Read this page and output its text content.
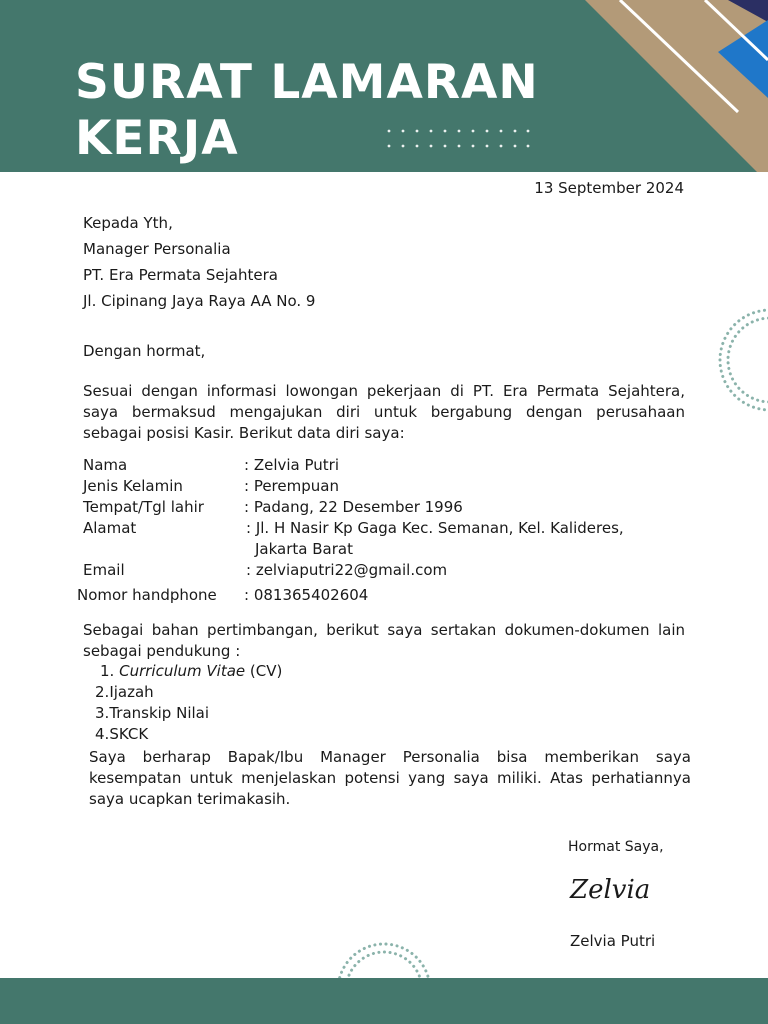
SURAT LAMARAN
KERJA
13 September 2024
Kepada Yth,
Manager Personalia
PT. Era Permata Sejahtera
Jl. Cipinang Jaya Raya AA No. 9
Dengan hormat,
Sesuai dengan informasi lowongan pekerjaan di PT. Era Permata Sejahtera, saya bermaksud mengajukan diri untuk bergabung dengan perusahaan sebagai posisi Kasir. Berikut data diri saya:
Nama	: Zelvia Putri
Jenis Kelamin	: Perempuan
Tempat/Tgl lahir	: Padang, 22 Desember 1996
Alamat	: Jl. H Nasir Kp Gaga Kec. Semanan, Kel. Kalideres,
Jakarta Barat
Email	: zelviaputri22@gmail.com
Nomor handphone : 081365402604
Sebagai bahan pertimbangan, berikut saya sertakan dokumen-dokumen lain sebagai pendukung :
1. Curriculum Vitae (CV)
2.Ijazah
3.Transkip Nilai
4.SKCK
Saya berharap Bapak/Ibu Manager Personalia bisa memberikan saya kesempatan untuk menjelaskan potensi yang saya miliki. Atas perhatiannya saya ucapkan terimakasih.
Hormat Saya,
Zelvia
Zelvia Putri
